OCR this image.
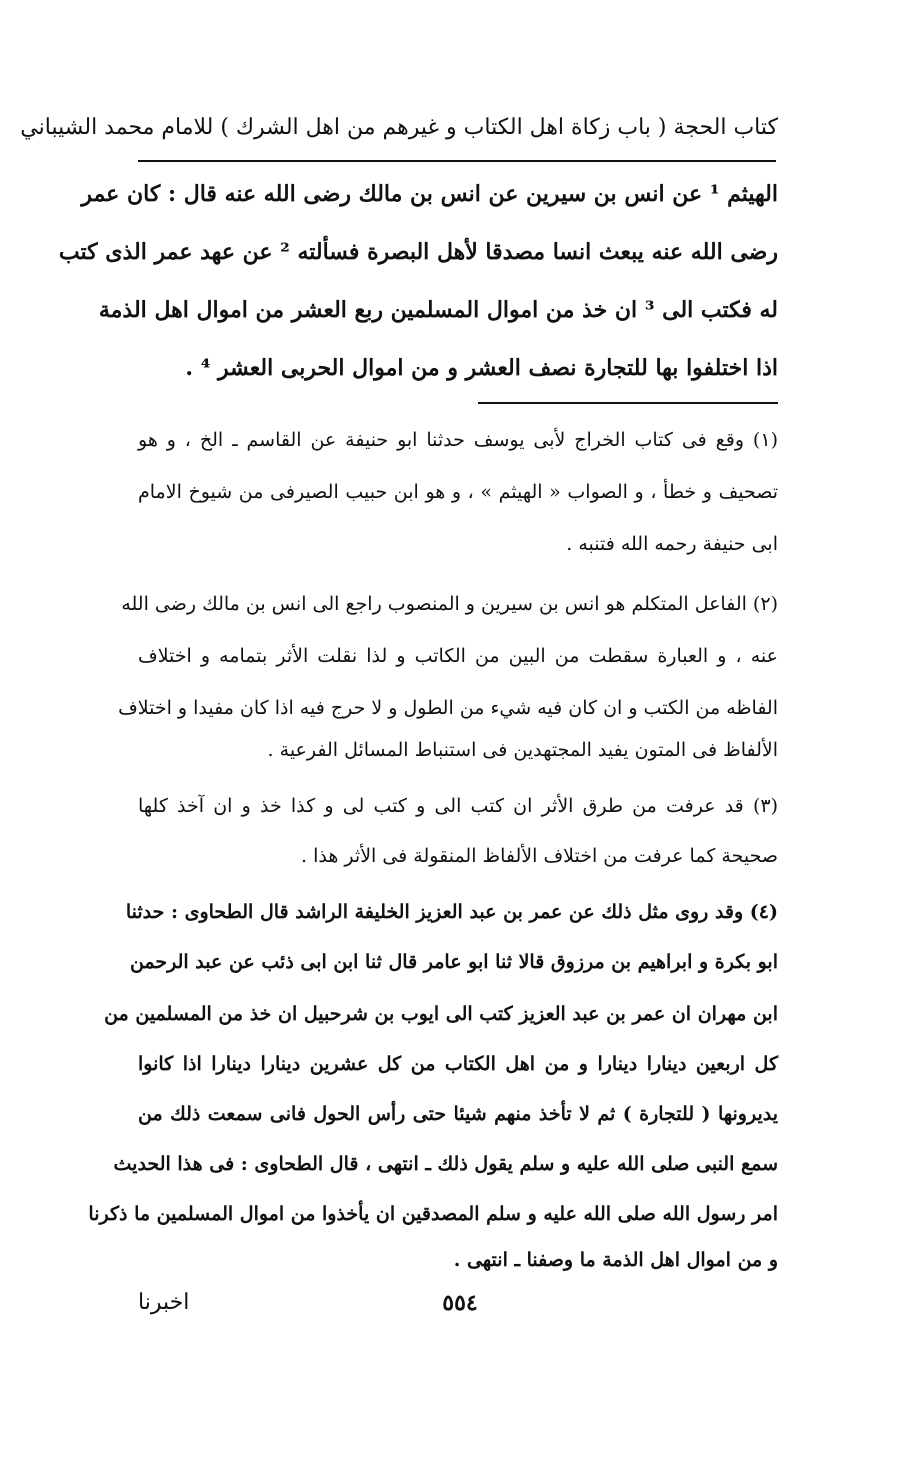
كتاب الحجة ( باب زكاة اهل الكتاب و غيرهم من اهل الشرك ) للامام محمد الشيباني
الهيثم ¹ عن انس بن سيرين عن انس بن مالك رضى الله عنه قال : كان عمر
رضى الله عنه يبعث انسا مصدقا لأهل البصرة فسألته ² عن عهد عمر الذى كتب
له فكتب الى ³ ان خذ من اموال المسلمين ربع العشر من اموال اهل الذمة
اذا اختلفوا بها للتجارة نصف العشر و من اموال الحربى العشر ⁴ .
(١) وقع فى كتاب الخراج لأبى يوسف حدثنا ابو حنيفة عن القاسم ـ الخ ، و هو
تصحيف و خطأ ، و الصواب « الهيثم » ، و هو ابن حبيب الصيرفى من شيوخ الامام
ابى حنيفة رحمه الله فتنبه .
(٢) الفاعل المتكلم هو انس بن سيرين و المنصوب راجع الى انس بن مالك رضى الله
عنه ، و العبارة سقطت من البين من الكاتب و لذا نقلت الأثر بتمامه و اختلاف
الفاظه من الكتب و ان كان فيه شيء من الطول و لا حرج فيه اذا كان مفيدا و اختلاف
الألفاظ فى المتون يفيد المجتهدين فى استنباط المسائل الفرعية .
(٣) قد عرفت من طرق الأثر ان كتب الى و كتب لى و كذا خذ و ان آخذ كلها
صحيحة كما عرفت من اختلاف الألفاظ المنقولة فى الأثر هذا .
(٤) وقد روى مثل ذلك عن عمر بن عبد العزيز الخليفة الراشد قال الطحاوى : حدثنا
ابو بكرة و ابراهيم بن مرزوق قالا ثنا ابو عامر قال ثنا ابن ابى ذئب عن عبد الرحمن
ابن مهران ان عمر بن عبد العزيز كتب الى ايوب بن شرحبيل ان خذ من المسلمين من
كل اربعين دينارا دينارا و من اهل الكتاب من كل عشرين دينارا دينارا اذا كانوا
يديرونها ( للتجارة ) ثم لا تأخذ منهم شيئا حتى رأس الحول فانى سمعت ذلك من
سمع النبى صلى الله عليه و سلم يقول ذلك ـ انتهى ، قال الطحاوى : فى هذا الحديث
امر رسول الله صلى الله عليه و سلم المصدقين ان يأخذوا من اموال المسلمين ما ذكرنا
و من اموال اهل الذمة ما وصفنا ـ انتهى .
٥٥٤
اخبرنا
